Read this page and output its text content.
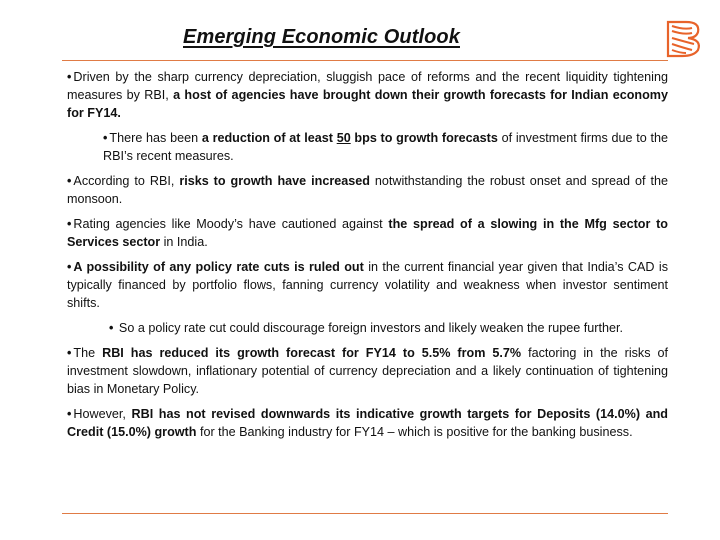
Emerging Economic Outlook

• Driven by the sharp currency depreciation, sluggish pace of reforms and the recent liquidity tightening measures by RBI, a host of agencies have brought down their growth forecasts for Indian economy for FY14.

• There has been a reduction of at least 50 bps to growth forecasts of investment firms due to the RBI’s recent measures.

• According to RBI, risks to growth have increased notwithstanding the robust onset and spread of the monsoon.

• Rating agencies like Moody’s have cautioned against the spread of a slowing in the Mfg sector to Services sector in India.

• A possibility of any policy rate cuts is ruled out in the current financial year given that India’s CAD is typically financed by portfolio flows, fanning currency volatility and weakness when investor sentiment shifts.

• So a policy rate cut could discourage foreign investors and likely weaken the rupee further.

• The RBI has reduced its growth forecast for FY14 to 5.5% from 5.7% factoring in the risks of investment slowdown, inflationary potential of currency depreciation and a likely continuation of tightening bias in Monetary Policy.

• However, RBI has not revised downwards its indicative growth targets for Deposits (14.0%) and Credit (15.0%) growth for the Banking industry for FY14 – which is positive for the banking business.
